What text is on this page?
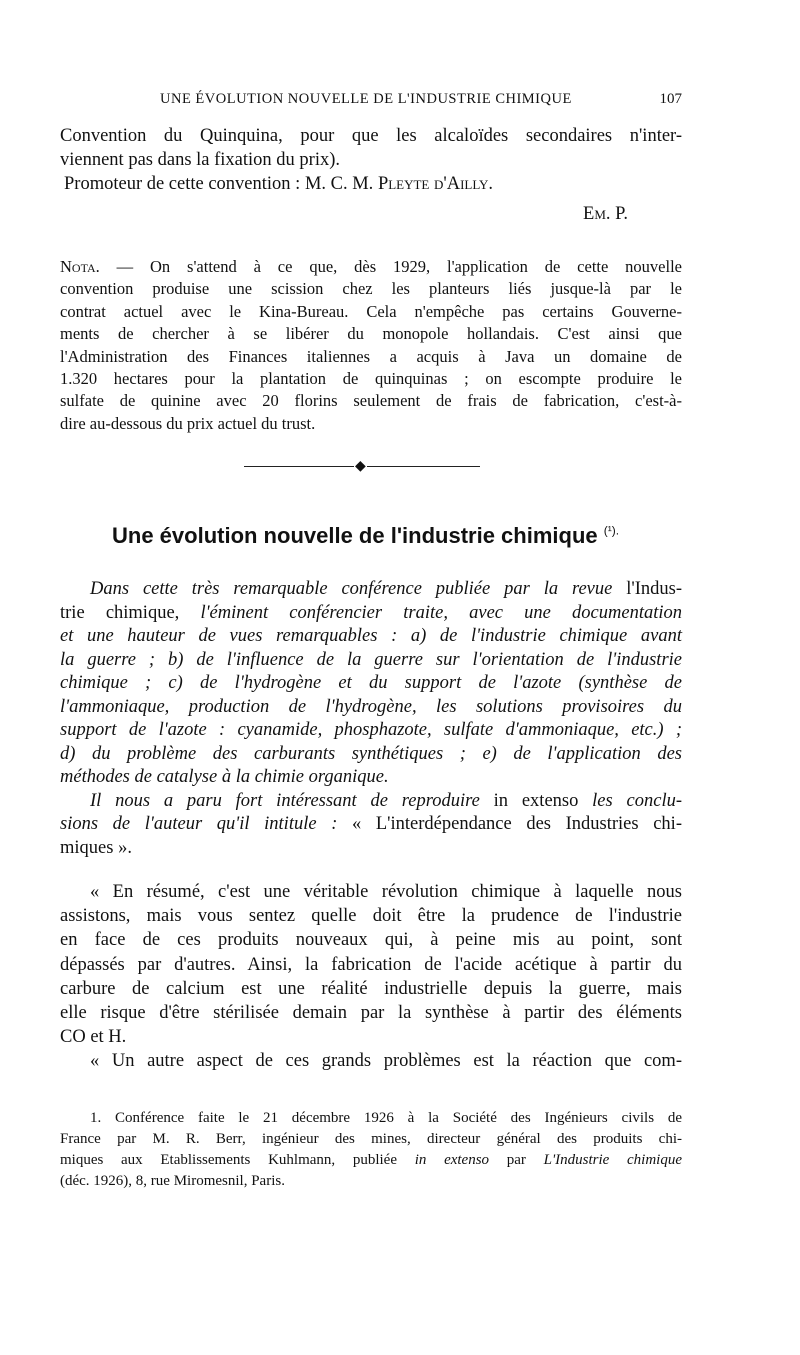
UNE ÉVOLUTION NOUVELLE DE L'INDUSTRIE CHIMIQUE	107
Convention du Quinquina, pour que les alcaloïdes secondaires n'inter-
viennent pas dans la fixation du prix).
Promoteur de cette convention : M. C. M. Pleyte d'Ailly.
Em. P.
Nota. — On s'attend à ce que, dès 1929, l'application de cette nouvelle
convention produise une scission chez les planteurs liés jusque-là par le
contrat actuel avec le Kina-Bureau. Cela n'empêche pas certains Gouverne-
ments de chercher à se libérer du monopole hollandais. C'est ainsi que
l'Administration des Finances italiennes a acquis à Java un domaine de
1.320 hectares pour la plantation de quinquinas ; on escompte produire le
sulfate de quinine avec 20 florins seulement de frais de fabrication, c'est-à-
dire au-dessous du prix actuel du trust.
◆
Une évolution nouvelle de l'industrie chimique $^{(^1).}$
Dans cette très remarquable conférence publiée par la revue l'Indus-
trie chimique, l'éminent conférencier traite, avec une documentation
et une hauteur de vues remarquables : a) de l'industrie chimique avant
la guerre ; b) de l'influence de la guerre sur l'orientation de l'industrie
chimique ; c) de l'hydrogène et du support de l'azote (synthèse de
l'ammoniaque, production de l'hydrogène, les solutions provisoires du
support de l'azote : cyanamide, phosphazote, sulfate d'ammoniaque, etc.) ;
d) du problème des carburants synthétiques ; e) de l'application des
méthodes de catalyse à la chimie organique.
Il nous a paru fort intéressant de reproduire in extenso les conclu-
sions de l'auteur qu'il intitule : « L'interdépendance des Industries chi-
miques ».
« En résumé, c'est une véritable révolution chimique à laquelle nous
assistons, mais vous sentez quelle doit être la prudence de l'industrie
en face de ces produits nouveaux qui, à peine mis au point, sont
dépassés par d'autres. Ainsi, la fabrication de l'acide acétique à partir du
carbure de calcium est une réalité industrielle depuis la guerre, mais
elle risque d'être stérilisée demain par la synthèse à partir des éléments
CO et H.
« Un autre aspect de ces grands problèmes est la réaction que com-
1. Conférence faite le 21 décembre 1926 à la Société des Ingénieurs civils de
France par M. R. Berr, ingénieur des mines, directeur général des produits chi-
miques aux Etablissements Kuhlmann, publiée in extenso par L'Industrie chimique
(déc. 1926), 8, rue Miromesnil, Paris.
